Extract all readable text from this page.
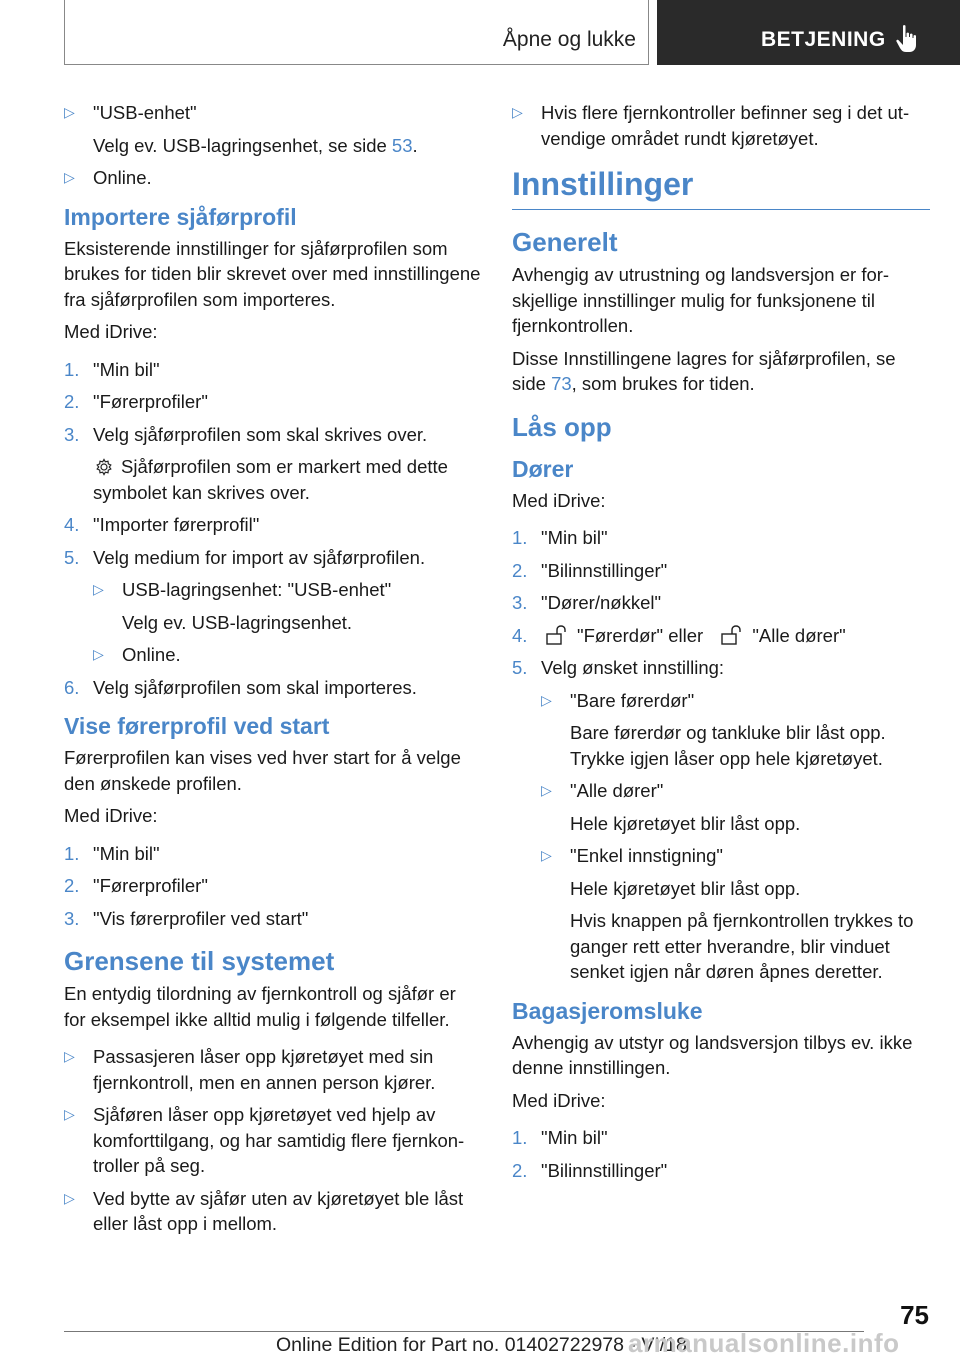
Åpne og lukke	BETJENING
▷ "USB-enhet"

Velg ev. USB-lagringsenhet, se side 53.

▷ Online.
Importere sjåførprofil

Eksisterende innstillinger for sjåførprofilen som brukes for tiden blir skrevet over med innstillingene fra sjåførprofilen som importeres.

Med iDrive:

1. "Min bil"
2. "Førerprofiler"
3. Velg sjåførprofilen som skal skrives over.

Sjåførprofilen som er markert med dette symbolet kan skrives over.

4. "Importer førerprofil"
5. Velg medium for import av sjåførprofilen.
▷ USB-lagringsenhet: "USB-enhet"

Velg ev. USB-lagringsenhet.

▷ Online.
6. Velg sjåførprofilen som skal importeres.
Vise førerprofil ved start

Førerprofilen kan vises ved hver start for å velge den ønskede profilen.

Med iDrive:

1. "Min bil"
2. "Førerprofiler"
3. "Vis førerprofiler ved start"
Grensene til systemet

En entydig tilordning av fjernkontroll og sjåfør er for eksempel ikke alltid mulig i følgende tilfeller.

▷ Passasjeren låser opp kjøretøyet med sin fjernkontroll, men en annen person kjører.
▷ Sjåføren låser opp kjøretøyet ved hjelp av komforttilgang, og har samtidig flere fjernkontroller på seg.
▷ Ved bytte av sjåfør uten av kjøretøyet ble låst eller låst opp i mellom.
▷ Hvis flere fjernkontroller befinner seg i det utvendige området rundt kjøretøyet.
Innstillinger
Generelt

Avhengig av utrustning og landsversjon er forskjellige innstillinger mulig for funksjonene til fjernkontrollen.

Disse Innstillingene lagres for sjåførprofilen, se side 73, som brukes for tiden.

Lås opp
Dører

Med iDrive:

1. "Min bil"
2. "Bilinnstillinger"
3. "Dører/nøkkel"
4.	"Førerdør" eller	"Alle dører"
5. Velg ønsket innstilling:
▷ "Bare førerdør"

Bare førerdør og tankluke blir låst opp. Trykke igjen låser opp hele kjøretøyet.

▷ "Alle dører"

Hele kjøretøyet blir låst opp.

▷ "Enkel innstigning"

Hele kjøretøyet blir låst opp.

Hvis knappen på fjernkontrollen trykkes to ganger rett etter hverandre, blir vinduet senket igjen når døren åpnes deretter.

Bagasjeromsluke

Avhengig av utstyr og landsversjon tilbys ev. ikke denne innstillingen.

Med iDrive:

1. "Min bil"
2. "Bilinnstillinger"
75
Online Edition for Part no. 01402722978 - VI/18
armanualsonline.info
